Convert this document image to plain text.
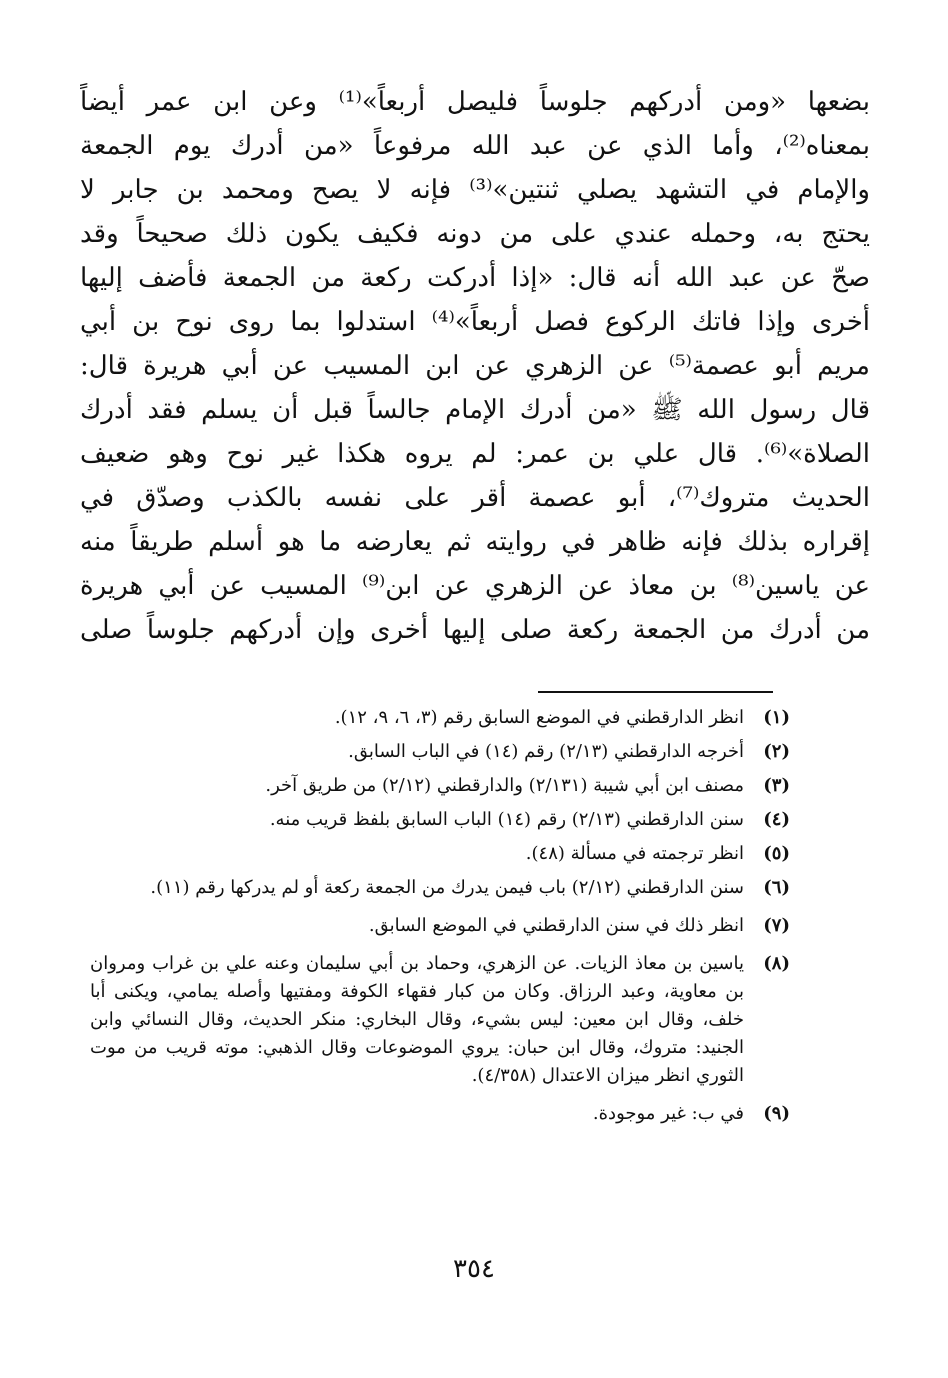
بضعها «ومن أدركهم جلوساً فليصل أربعاً»⁽¹⁾ وعن ابن عمر أيضاً
بمعناه⁽²⁾، وأما الذي عن عبد الله مرفوعاً «من أدرك يوم الجمعة
والإمام في التشهد يصلي ثنتين»⁽³⁾ فإنه لا يصح ومحمد بن جابر لا
يحتج به، وحمله عندي على من دونه فكيف يكون ذلك صحيحاً وقد
صحّ عن عبد الله أنه قال: «إذا أدركت ركعة من الجمعة فأضف إليها
أخرى وإذا فاتك الركوع فصل أربعاً»⁽⁴⁾ استدلوا بما روى نوح بن أبي
مريم أبو عصمة⁽⁵⁾ عن الزهري عن ابن المسيب عن أبي هريرة قال:
قال رسول الله ﷺ «من أدرك الإمام جالساً قبل أن يسلم فقد أدرك
الصلاة»⁽⁶⁾. قال علي بن عمر: لم يروه هكذا غير نوح وهو ضعيف
الحديث متروك⁽⁷⁾، أبو عصمة أقر على نفسه بالكذب وصدّق في
إقراره بذلك فإنه ظاهر في روايته ثم يعارضه ما هو أسلم طريقاً منه
عن ياسين⁽⁸⁾ بن معاذ عن الزهري عن ابن⁽⁹⁾ المسيب عن أبي هريرة
من أدرك من الجمعة ركعة صلى إليها أخرى وإن أدركهم جلوساً صلى
(١)
انظر الدارقطني في الموضع السابق رقم (٣، ٦، ٩، ١٢).
(٢)
أخرجه الدارقطني (٢/١٣) رقم (١٤) في الباب السابق.
(٣)
مصنف ابن أبي شيبة (٢/١٣١) والدارقطني (٢/١٢) من طريق آخر.
(٤)
سنن الدارقطني (٢/١٣) رقم (١٤) الباب السابق بلفظ قريب منه.
(٥)
انظر ترجمته في مسألة (٤٨).
(٦)
سنن الدارقطني (٢/١٢) باب فيمن يدرك من الجمعة ركعة أو لم يدركها رقم (١١).
(٧)
انظر ذلك في سنن الدارقطني في الموضع السابق.
(٨)
ياسين بن معاذ الزيات. عن الزهري، وحماد بن أبي سليمان وعنه علي بن غراب ومروان بن معاوية، وعبد الرزاق. وكان من كبار فقهاء الكوفة ومفتيها وأصله يمامي، ويكنى أبا خلف، وقال ابن معين: ليس بشيء، وقال البخاري: منكر الحديث، وقال النسائي وابن الجنيد: متروك، وقال ابن حبان: يروي الموضوعات وقال الذهبي: موته قريب من موت الثوري انظر ميزان الاعتدال (٤/٣٥٨).
(٩)
في ب: غير موجودة.
٣٥٤
